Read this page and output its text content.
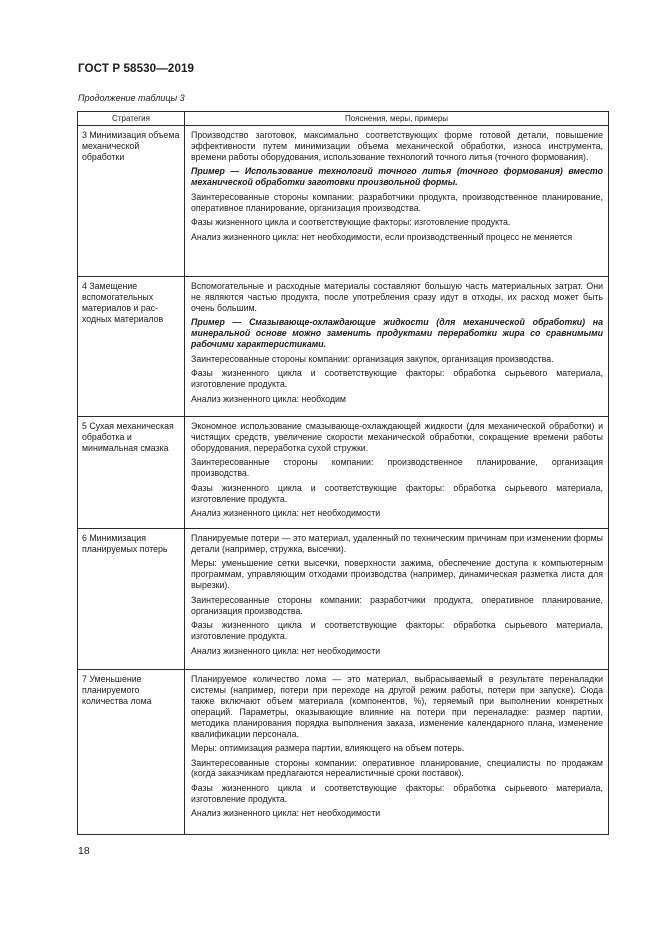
ГОСТ Р 58530—2019
Продолжение таблицы 3
Стратегия	Пояснения, меры, примеры
3 Минимизация объема механической обработки	Производство заготовок, максимально соответствующих форме готовой детали, повышение эффективности путем минимизации объема механической обработки, износа инструмента, времени работы оборудования, использование технологий точного литья (точного формования).

Пример — Использование технологий точного литья (точного формования) вместо механической обработки заготовки произвольной формы.

Заинтересованные стороны компании: разработчики продукта, производственное планирование, оперативное планирование, организация производства.

Фазы жизненного цикла и соответствующие факторы: изготовление продукта.

Анализ жизненного цикла: нет необходимости, если производственный процесс не меняется

4 Замещение вспомогательных материалов и расходных материалов	Вспомогательные и расходные материалы составляют большую часть материальных затрат. Они не являются частью продукта, после употребления сразу идут в отходы, их расход может быть очень большим.

Пример — Смазывающе-охлаждающие жидкости (для механической обработки) на минеральной основе можно заменить продуктами переработки жира со сравнимыми рабочими характеристиками.

Заинтересованные стороны компании: организация закупок, организация производства.

Фазы жизненного цикла и соответствующие факторы: обработка сырьевого материала, изготовление продукта.

Анализ жизненного цикла: необходим

5 Сухая механическая обработка и минимальная смазка	Экономное использование смазывающе-охлаждающей жидкости (для механической обработки) и чистящих средств, увеличение скорости механической обработки, сокращение времени работы оборудования, переработка сухой стружки.

Заинтересованные стороны компании: производственное планирование, организация производства.

Фазы жизненного цикла и соответствующие факторы: обработка сырьевого материала, изготовление продукта.

Анализ жизненного цикла: нет необходимости

6 Минимизация планируемых потерь	Планируемые потери — это материал, удаленный по техническим причинам при изменении формы детали (например, стружка, высечки).

Меры: уменьшение сетки высечки, поверхности зажима, обеспечение доступа к компьютерным программам, управляющим отходами производства (например, динамическая разметка листа для вырезки).

Заинтересованные стороны компании: разработчики продукта, оперативное планирование, организация производства.

Фазы жизненного цикла и соответствующие факторы: обработка сырьевого материала, изготовление продукта.

Анализ жизненного цикла: нет необходимости

7 Уменьшение планируемого количества лома	Планируемое количество лома — это материал, выбрасываемый в результате переналадки системы (например, потери при переходе на другой режим работы, потери при запуске). Сюда также включают объем материала (компонентов, %), теряемый при выполнении конкретных операций. Параметры, оказывающие влияние на потери при переналадке: размер партии, методика планирования порядка выполнения заказа, изменение календарного плана, изменение квалификации персонала.

Меры: оптимизация размера партии, влияющего на объем потерь.

Заинтересованные стороны компании: оперативное планирование, специалисты по продажам (когда заказчикам предлагаются нереалистичные сроки поставок).

Фазы жизненного цикла и соответствующие факторы: обработка сырьевого материала, изготовление продукта.

Анализ жизненного цикла: нет необходимости

18
